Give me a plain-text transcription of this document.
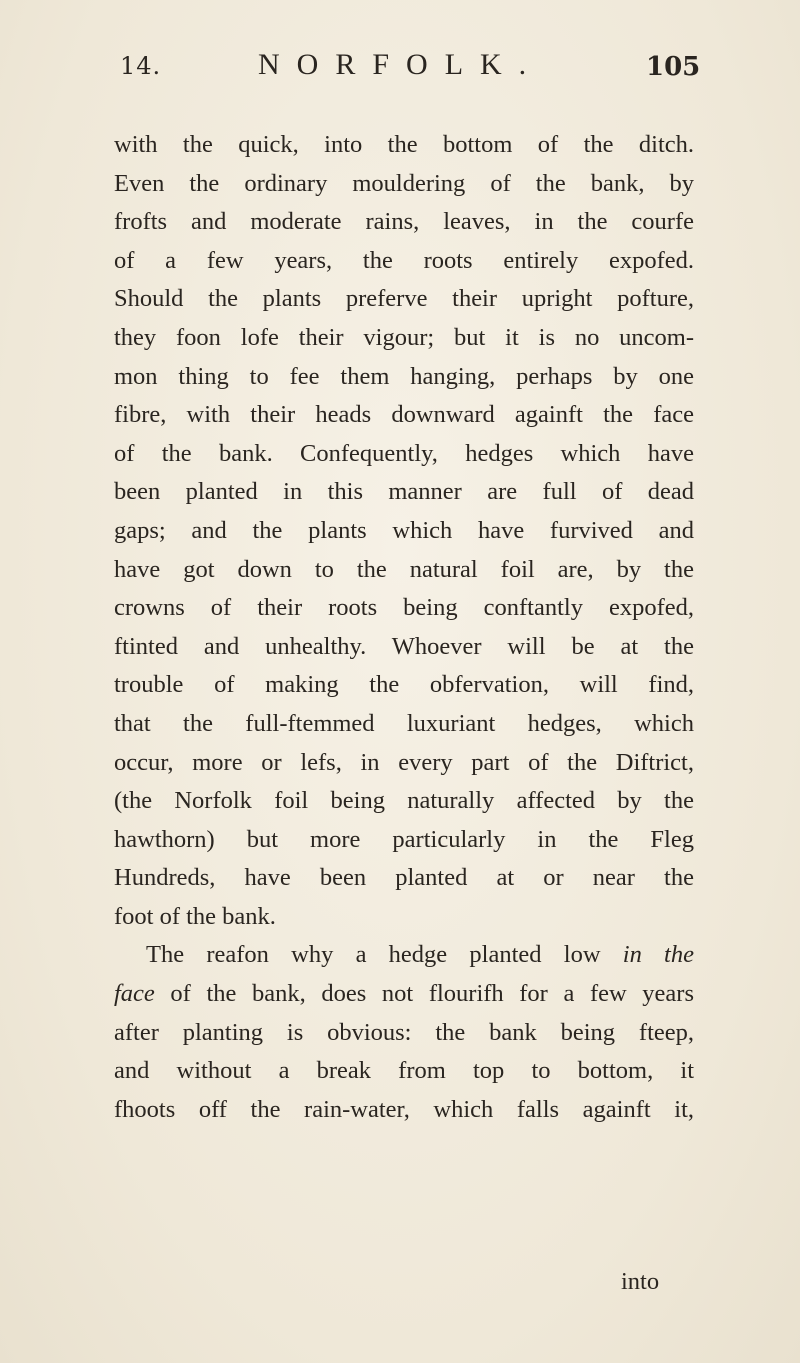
14.	NORFOLK.	105
with the quick, into the bottom of the ditch.
Even the ordinary mouldering of the bank, by
frofts and moderate rains, leaves, in the courfe
of a few years, the roots entirely expofed.
Should the plants preferve their upright pofture,
they foon lofe their vigour; but it is no uncom-
mon thing to fee them hanging, perhaps by one
fibre, with their heads downward againft the face
of the bank. Confequently, hedges which have
been planted in this manner are full of dead
gaps; and the plants which have furvived and
have got down to the natural foil are, by the
crowns of their roots being conftantly expofed,
ftinted and unhealthy. Whoever will be at the
trouble of making the obfervation, will find,
that the full-ftemmed luxuriant hedges, which
occur, more or lefs, in every part of the Diftrict,
(the Norfolk foil being naturally affected by the
hawthorn) but more particularly in the Fleg
Hundreds, have been planted at or near the
foot of the bank.
The reafon why a hedge planted low in the
face of the bank, does not flourifh for a few years
after planting is obvious: the bank being fteep,
and without a break from top to bottom, it
fhoots off the rain-water, which falls againft it,
into
